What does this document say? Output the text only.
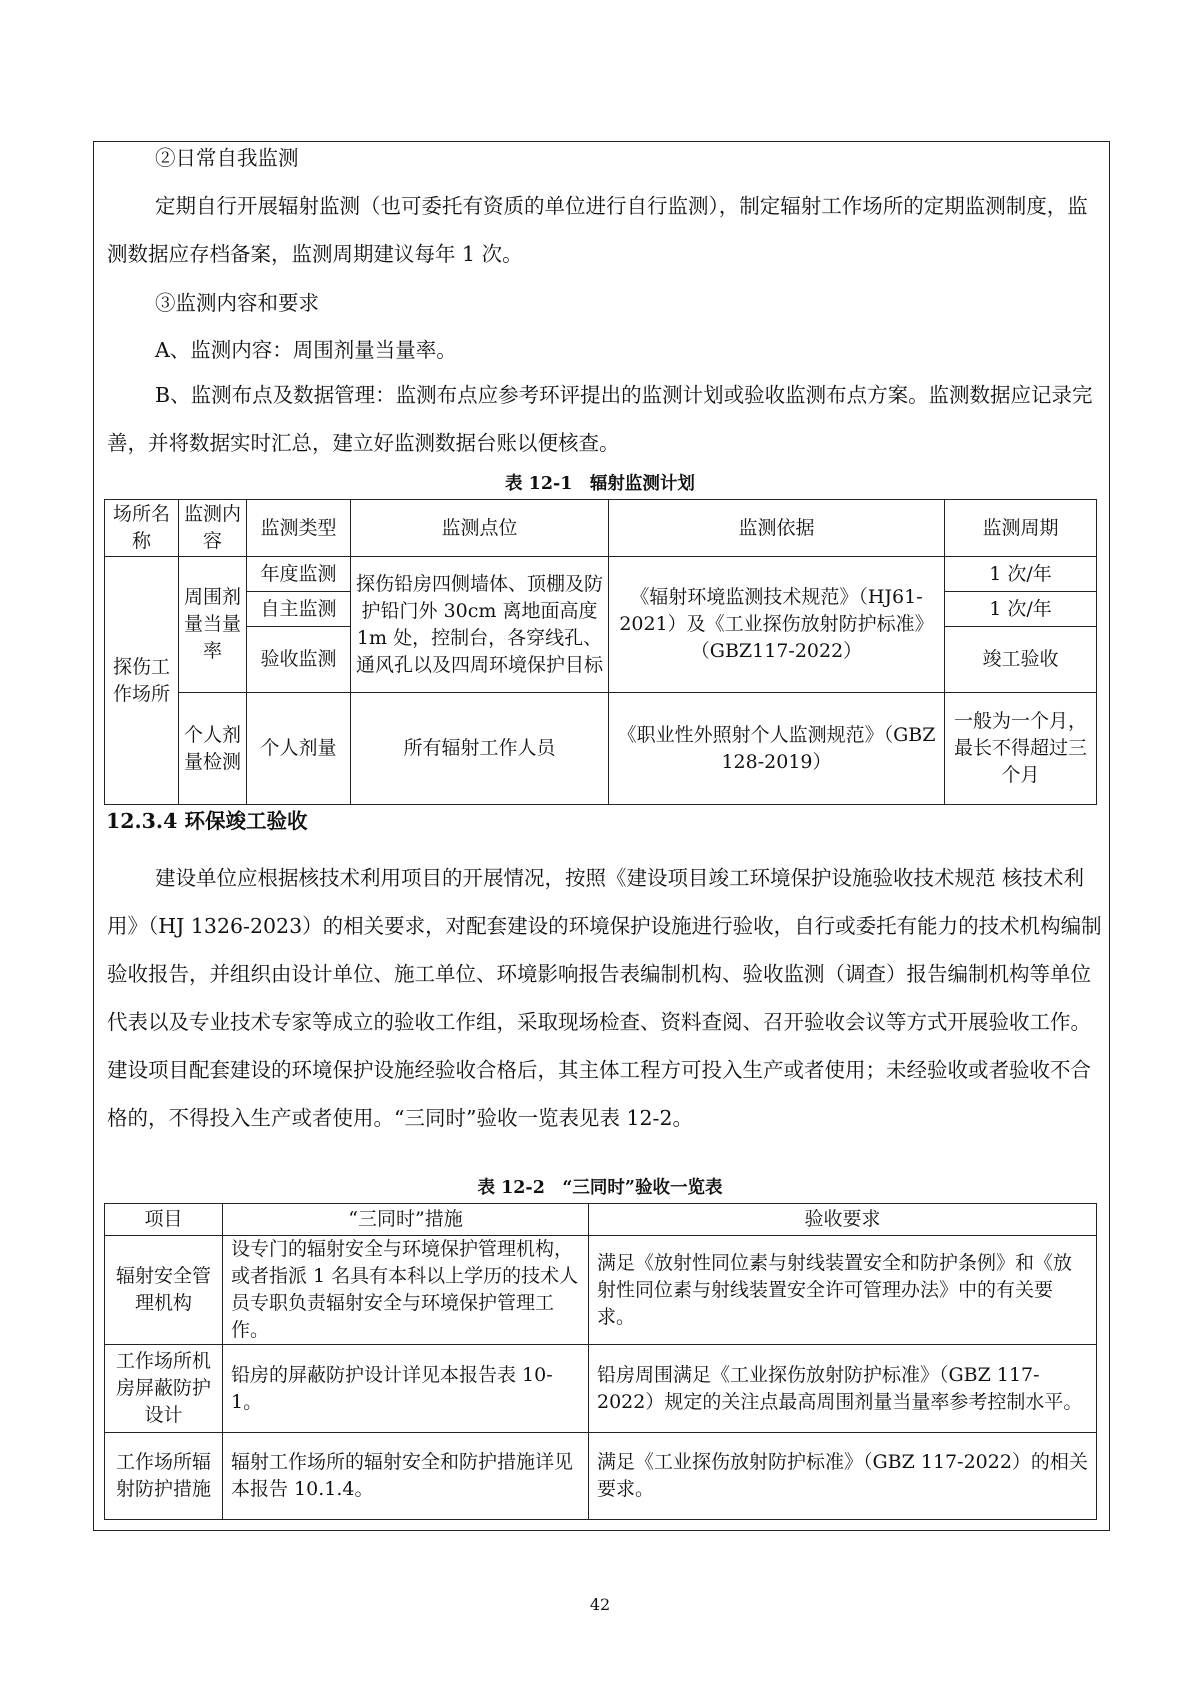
②日常自我监测

定期自行开展辐射监测（也可委托有资质的单位进行自行监测），制定辐射工作场所的定期监测制度，监测数据应存档备案，监测周期建议每年 1 次。

③监测内容和要求

A、监测内容：周围剂量当量率。

B、监测布点及数据管理：监测布点应参考环评提出的监测计划或验收监测布点方案。监测数据应记录完善，并将数据实时汇总，建立好监测数据台账以便核查。

表 12-1　辐射监测计划

场所名称	监测内容	监测类型	监测点位	监测依据	监测周期
探伤工作场所	周围剂量当量率	年度监测	探伤铅房四侧墙体、顶棚及防护铅门外 30cm 离地面高度 1m 处，控制台，各穿线孔、通风孔以及四周环境保护目标	《辐射环境监测技术规范》（HJ61-2021）及《工业探伤放射防护标准》（GBZ117-2022）	1 次/年
		自主监测			1 次/年
		验收监测			竣工验收
	个人剂量检测	个人剂量	所有辐射工作人员	《职业性外照射个人监测规范》（GBZ 128-2019）	一般为一个月，最长不得超过三个月

12.3.4 环保竣工验收

建设单位应根据核技术利用项目的开展情况，按照《建设项目竣工环境保护设施验收技术规范 核技术利用》（HJ 1326-2023）的相关要求，对配套建设的环境保护设施进行验收，自行或委托有能力的技术机构编制验收报告，并组织由设计单位、施工单位、环境影响报告表编制机构、验收监测（调查）报告编制机构等单位代表以及专业技术专家等成立的验收工作组，采取现场检查、资料查阅、召开验收会议等方式开展验收工作。建设项目配套建设的环境保护设施经验收合格后，其主体工程方可投入生产或者使用；未经验收或者验收不合格的，不得投入生产或者使用。“三同时”验收一览表见表 12-2。

表 12-2　“三同时”验收一览表

项目	“三同时”措施	验收要求
辐射安全管理机构	设专门的辐射安全与环境保护管理机构，或者指派 1 名具有本科以上学历的技术人员专职负责辐射安全与环境保护管理工作。	满足《放射性同位素与射线装置安全和防护条例》和《放射性同位素与射线装置安全许可管理办法》中的有关要求。
工作场所机房屏蔽防护设计	铅房的屏蔽防护设计详见本报告表 10-1。	铅房周围满足《工业探伤放射防护标准》（GBZ 117-2022）规定的关注点最高周围剂量当量率参考控制水平。
工作场所辐射防护措施	辐射工作场所的辐射安全和防护措施详见本报告 10.1.4。	满足《工业探伤放射防护标准》（GBZ 117-2022）的相关要求。

42
